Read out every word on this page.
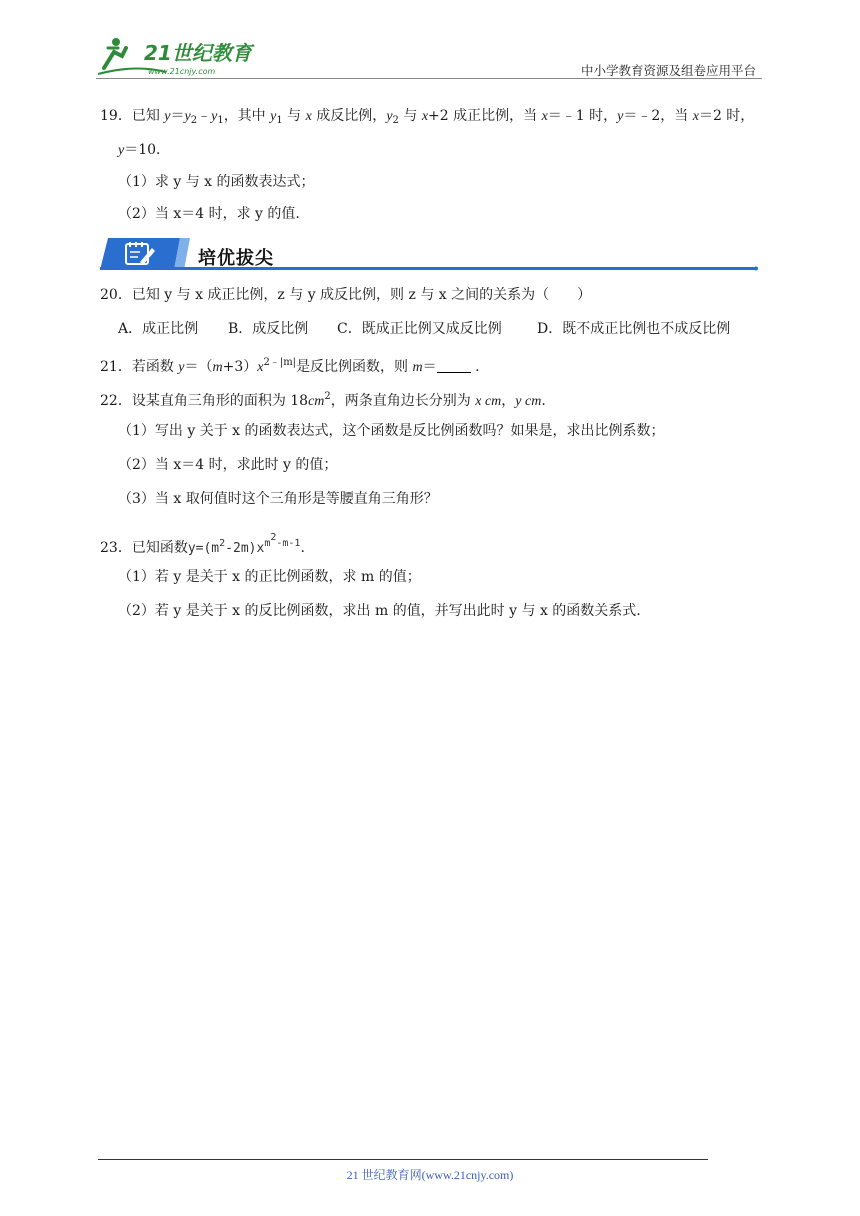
21世纪教育
www.21cnjy.com	中小学教育资源及组卷应用平台
19．已知 $y=y_2﹣y_1$，其中 $y_1$ 与 x 成反比例，$y_2$ 与 x+2 成正比例，当 x＝﹣1 时，y＝﹣2，当 x＝2 时，
y＝10.
（1）求 y 与 x 的函数表达式；
（2）当 x＝4 时，求 y 的值.
培优拔尖
20．已知 y 与 x 成正比例，z 与 y 成反比例，则 z 与 x 之间的关系为（　　）
A．成正比例 B．成反比例 C．既成正比例又成反比例	D．既不成正比例也不成反比例
21．若函数 $y=(m+3)x^{2﹣|m|}$是反比例函数，则 m＝ .
22．设某直角三角形的面积为 $18cm^2$，两条直角边长分别为 x cm，y cm.
（1）写出 y 关于 x 的函数表达式，这个函数是反比例函数吗？如果是，求出比例系数；
（2）当 x＝4 时，求此时 y 的值；
（3）当 x 取何值时这个三角形是等腰直角三角形？
23．已知函数$y=(m^2-2m)x^{m^2-m-1}$.
（1）若 y 是关于 x 的正比例函数，求 m 的值；
（2）若 y 是关于 x 的反比例函数，求出 m 的值，并写出此时 y 与 x 的函数关系式.
21 世纪教育网(www.21cnjy.com)
